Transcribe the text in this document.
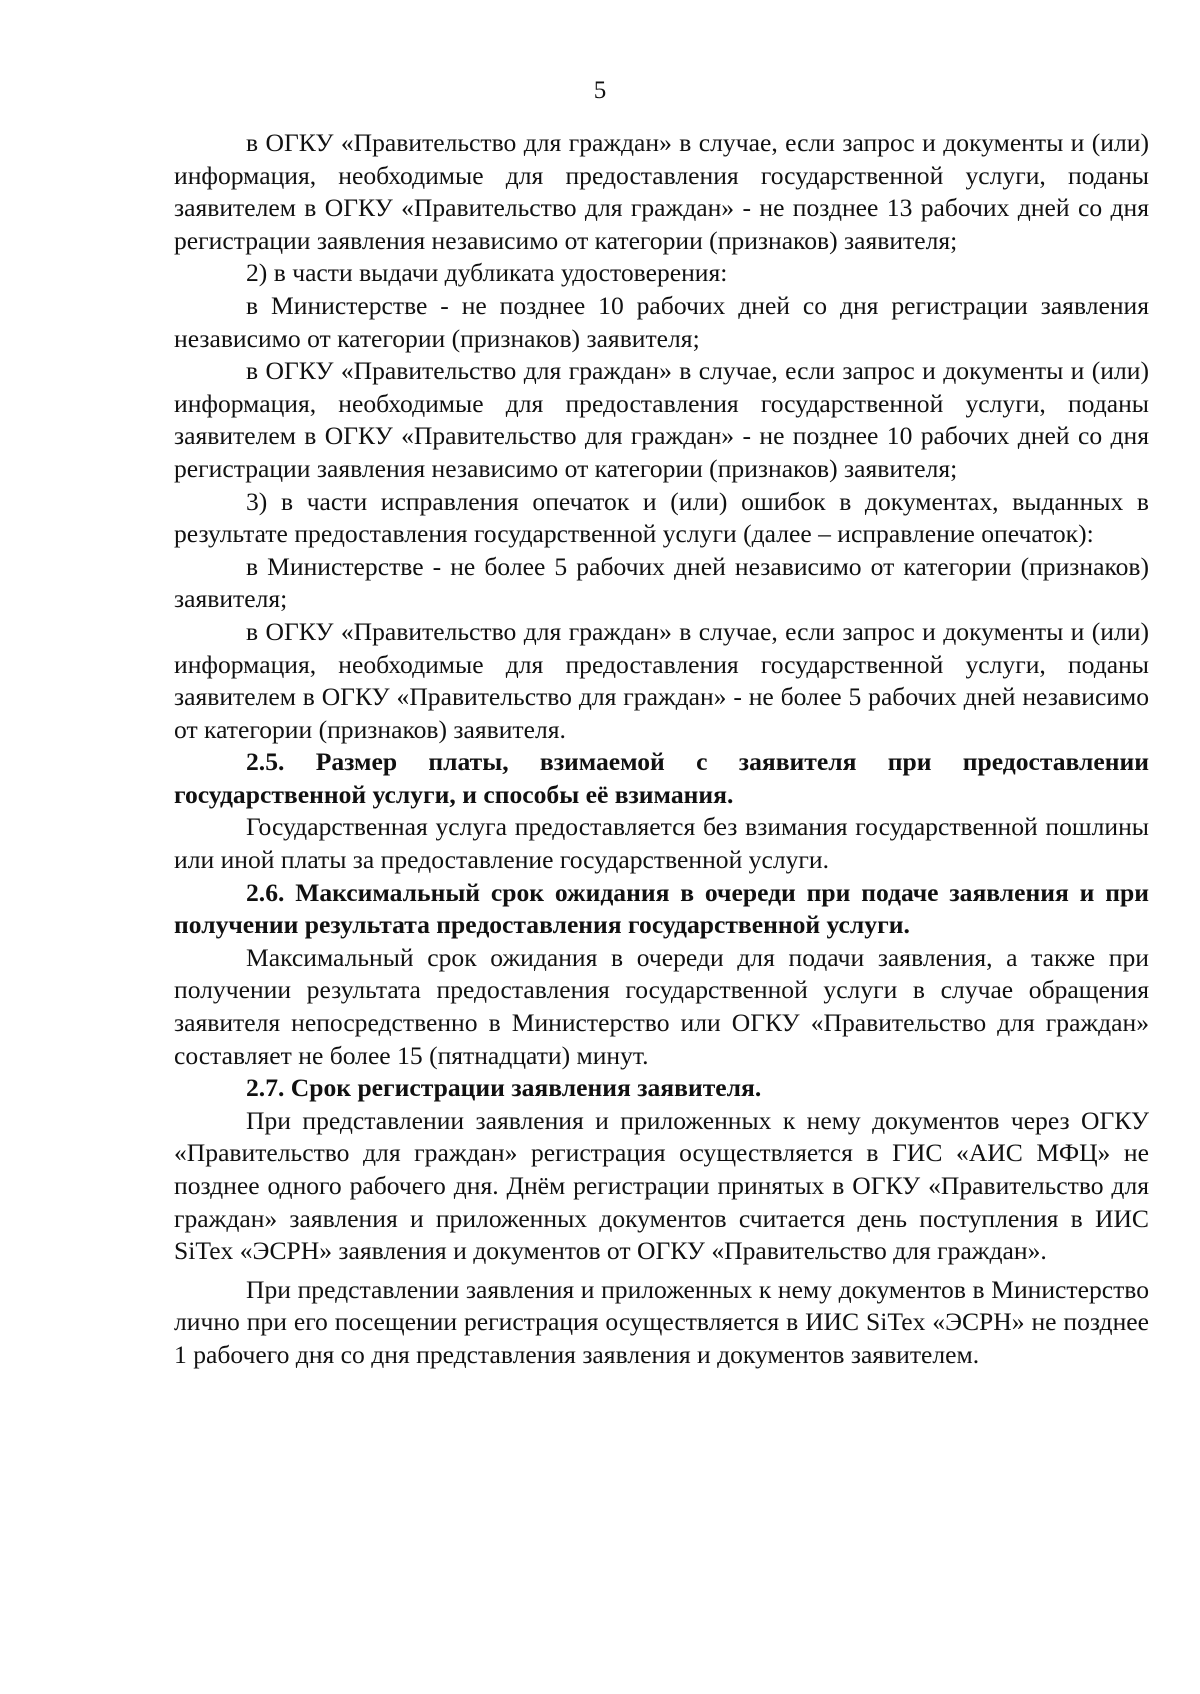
5

в ОГКУ «Правительство для граждан» в случае, если запрос и документы и (или) информация, необходимые для предоставления государственной услуги, поданы заявителем в ОГКУ «Правительство для граждан» - не позднее 13 рабочих дней со дня регистрации заявления независимо от категории (признаков) заявителя;

2) в части выдачи дубликата удостоверения:

в Министерстве - не позднее 10 рабочих дней со дня регистрации заявления независимо от категории (признаков) заявителя;

в ОГКУ «Правительство для граждан» в случае, если запрос и документы и (или) информация, необходимые для предоставления государственной услуги, поданы заявителем в ОГКУ «Правительство для граждан» - не позднее 10 рабочих дней со дня регистрации заявления независимо от категории (признаков) заявителя;

3) в части исправления опечаток и (или) ошибок в документах, выданных в результате предоставления государственной услуги (далее – исправление опечаток):

в Министерстве - не более 5 рабочих дней независимо от категории (признаков) заявителя;

в ОГКУ «Правительство для граждан» в случае, если запрос и документы и (или) информация, необходимые для предоставления государственной услуги, поданы заявителем в ОГКУ «Правительство для граждан» - не более 5 рабочих дней независимо от категории (признаков) заявителя.

2.5. Размер платы, взимаемой с заявителя при предоставлении государственной услуги, и способы её взимания.

Государственная услуга предоставляется без взимания государственной пошлины или иной платы за предоставление государственной услуги.

2.6. Максимальный срок ожидания в очереди при подаче заявления и при получении результата предоставления государственной услуги.

Максимальный срок ожидания в очереди для подачи заявления, а также при получении результата предоставления государственной услуги в случае обращения заявителя непосредственно в Министерство или ОГКУ «Правительство для граждан» составляет не более 15 (пятнадцати) минут.

2.7. Срок регистрации заявления заявителя.

При представлении заявления и приложенных к нему документов через ОГКУ «Правительство для граждан» регистрация осуществляется в ГИС «АИС МФЦ» не позднее одного рабочего дня. Днём регистрации принятых в ОГКУ «Правительство для граждан» заявления и приложенных документов считается день поступления в ИИС SiTex «ЭСРН» заявления и документов от ОГКУ «Правительство для граждан».

При представлении заявления и приложенных к нему документов в Министерство лично при его посещении регистрация осуществляется в ИИС SiTex «ЭСРН» не позднее 1 рабочего дня со дня представления заявления и документов заявителем.
